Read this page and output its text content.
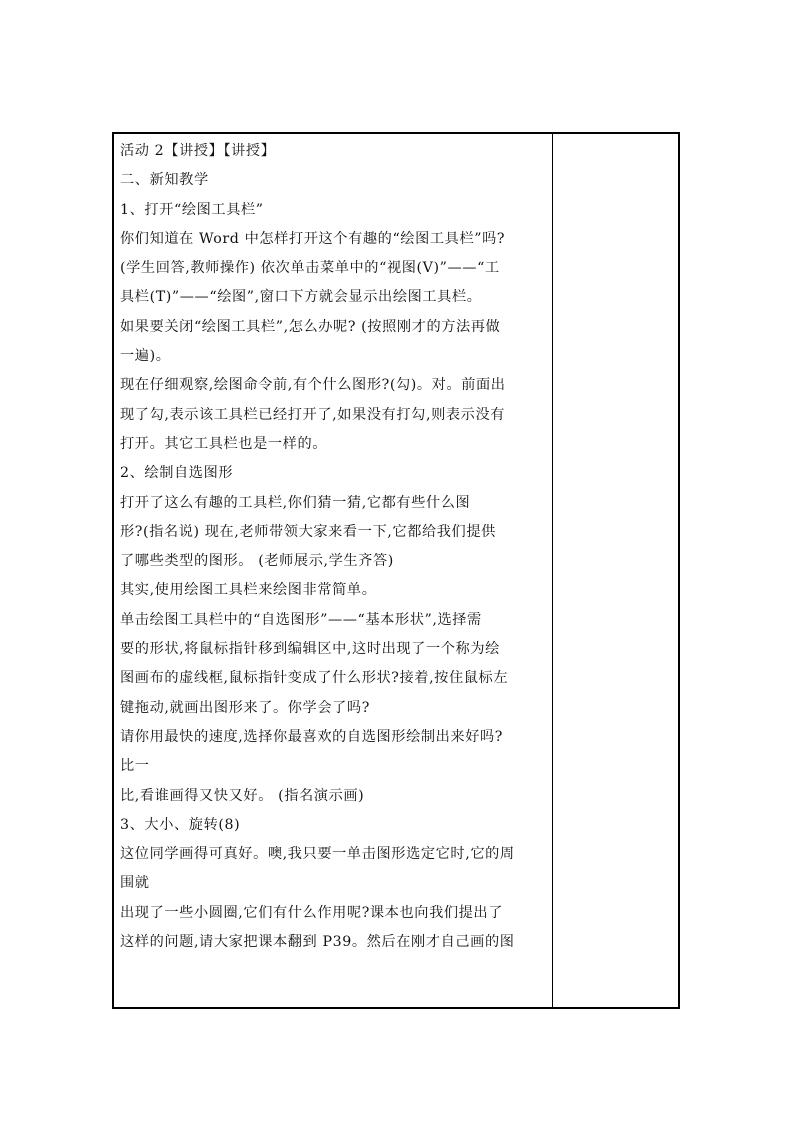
活动 2【讲授】【讲授】
二、新知教学
1、打开“绘图工具栏”
你们知道在 Word 中怎样打开这个有趣的“绘图工具栏”吗?
(学生回答,教师操作) 依次单击菜单中的“视图(V)”——“工
具栏(T)”——“绘图”,窗口下方就会显示出绘图工具栏。
如果要关闭“绘图工具栏”,怎么办呢? (按照刚才的方法再做
一遍)。
现在仔细观察,绘图命令前,有个什么图形?(勾)。对。前面出
现了勾,表示该工具栏已经打开了,如果没有打勾,则表示没有
打开。其它工具栏也是一样的。
2、绘制自选图形
打开了这么有趣的工具栏,你们猜一猜,它都有些什么图
形?(指名说) 现在,老师带领大家来看一下,它都给我们提供
了哪些类型的图形。 (老师展示,学生齐答)
其实,使用绘图工具栏来绘图非常简单。
单击绘图工具栏中的“自选图形”——“基本形状”,选择需
要的形状,将鼠标指针移到编辑区中,这时出现了一个称为绘
图画布的虚线框,鼠标指针变成了什么形状?接着,按住鼠标左
键拖动,就画出图形来了。你学会了吗?
请你用最快的速度,选择你最喜欢的自选图形绘制出来好吗?
比一
比,看谁画得又快又好。 (指名演示画)
3、大小、旋转(8)
这位同学画得可真好。噢,我只要一单击图形选定它时,它的周
围就
出现了一些小圆圈,它们有什么作用呢?课本也向我们提出了
这样的问题,请大家把课本翻到 P39。然后在刚才自己画的图
